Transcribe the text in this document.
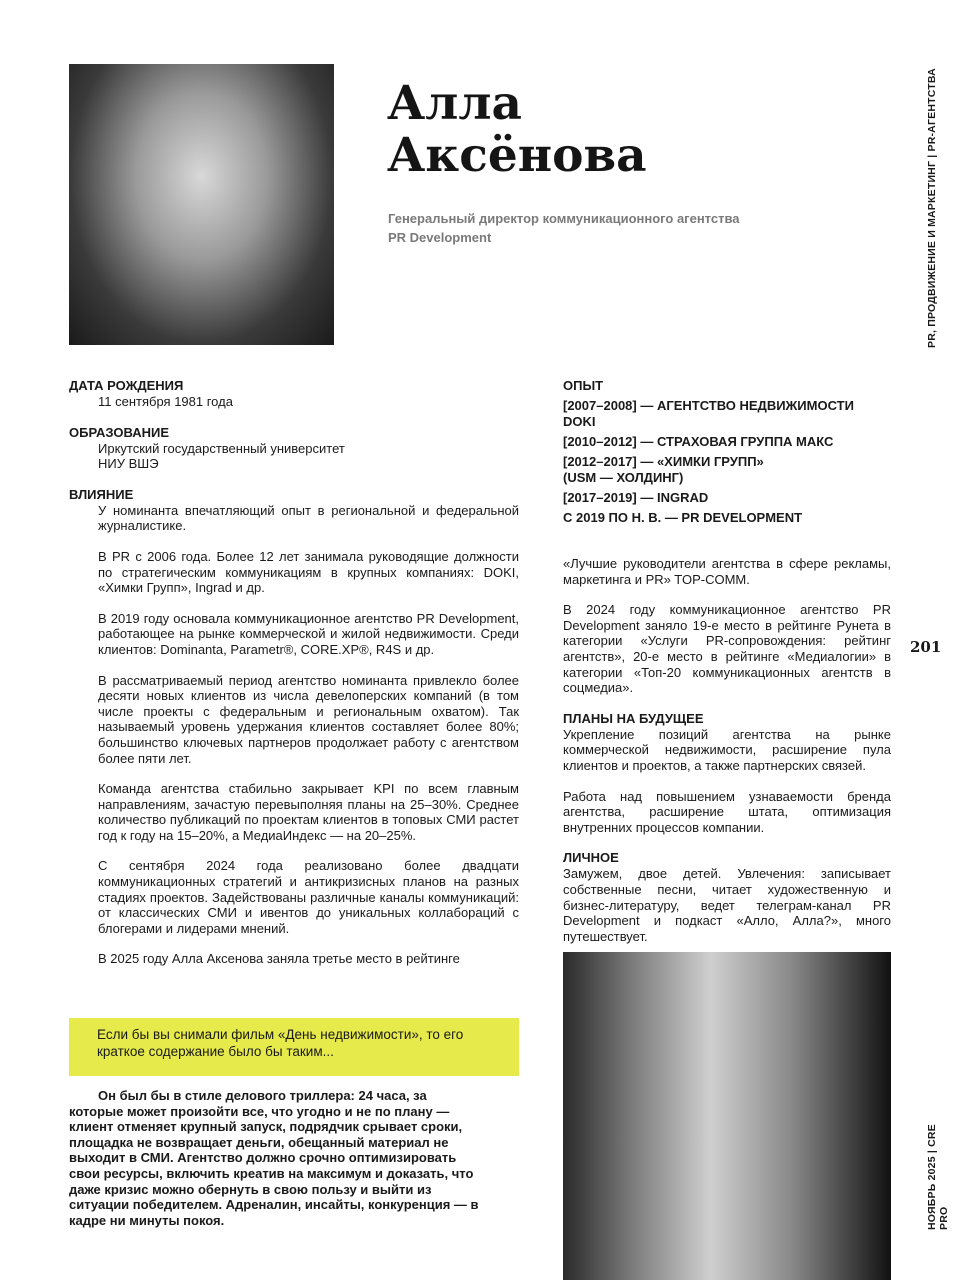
Алла
Аксёнова
Генеральный директор коммуникационного агентства
PR Development
ДАТА РОЖДЕНИЯ
11 сентября 1981 года
ОБРАЗОВАНИЕ
Иркутский государственный университет
НИУ ВШЭ
ВЛИЯНИЕ
У номинанта впечатляющий опыт в региональной и федеральной журналистике.
В PR с 2006 года. Более 12 лет занимала руководящие должности по стратегическим коммуникациям в крупных компаниях: DOKI, «Химки Групп», Ingrad и др.
В 2019 году основала коммуникационное агентство PR Development, работающее на рынке коммерческой и жилой недвижимости. Среди клиентов: Dominanta, Parametr®, CORE.XP®, R4S и др.
В рассматриваемый период агентство номинанта привлекло более десяти новых клиентов из числа девелоперских компаний (в том числе проекты с федеральным и региональным охватом). Так называемый уровень удержания клиентов составляет более 80%; большинство ключевых партнеров продолжает работу с агентством более пяти лет.
Команда агентства стабильно закрывает KPI по всем главным направлениям, зачастую перевыполняя планы на 25–30%. Среднее количество публикаций по проектам клиентов в топовых СМИ растет год к году на 15–20%, а МедиаИндекс — на 20–25%.
С сентября 2024 года реализовано более двадцати коммуникационных стратегий и антикризисных планов на разных стадиях проектов. Задействованы различные каналы коммуникаций: от классических СМИ и ивентов до уникальных коллабораций с блогерами и лидерами мнений.
В 2025 году Алла Аксенова заняла третье место в рейтинге
Если бы вы снимали фильм «День недвижимости», то его краткое содержание было бы таким...
Он был бы в стиле делового триллера: 24 часа, за которые может произойти все, что угодно и не по плану — клиент отменяет крупный запуск, подрядчик срывает сроки, площадка не возвращает деньги, обещанный материал не выходит в СМИ. Агентство должно срочно оптимизировать свои ресурсы, включить креатив на максимум и доказать, что даже кризис можно обернуть в свою пользу и выйти из ситуации победителем. Адреналин, инсайты, конкуренция — в кадре ни минуты покоя.
ОПЫТ
[2007–2008] — АГЕНТСТВО НЕДВИЖИМОСТИ DOKI
[2010–2012] — СТРАХОВАЯ ГРУППА МАКС
[2012–2017] — «ХИМКИ ГРУПП» (USM — ХОЛДИНГ)
[2017–2019] — INGRAD
С 2019 ПО Н. В. — PR DEVELOPMENT
«Лучшие руководители агентства в сфере рекламы, маркетинга и PR» TOP-COMM.
В 2024 году коммуникационное агентство PR Development заняло 19-е место в рейтинге Рунета в категории «Услуги PR-сопровождения: рейтинг агентств», 20-е место в рейтинге «Медиалогии» в категории «Топ-20 коммуникационных агентств в соцмедиа».
ПЛАНЫ НА БУДУЩЕЕ
Укрепление позиций агентства на рынке коммерческой недвижимости, расширение пула клиентов и проектов, а также партнерских связей.
Работа над повышением узнаваемости бренда агентства, расширение штата, оптимизация внутренних процессов компании.
ЛИЧНОЕ
Замужем, двое детей. Увлечения: записывает собственные песни, читает художественную и бизнес-литературу, ведет телеграм-канал PR Development и подкаст «Алло, Алла?», много путешествует.
PR, ПРОДВИЖЕНИЕ И МАРКЕТИНГ | PR-АГЕНТСТВА
201
НОЯБРЬ 2025 | CRE PRO
